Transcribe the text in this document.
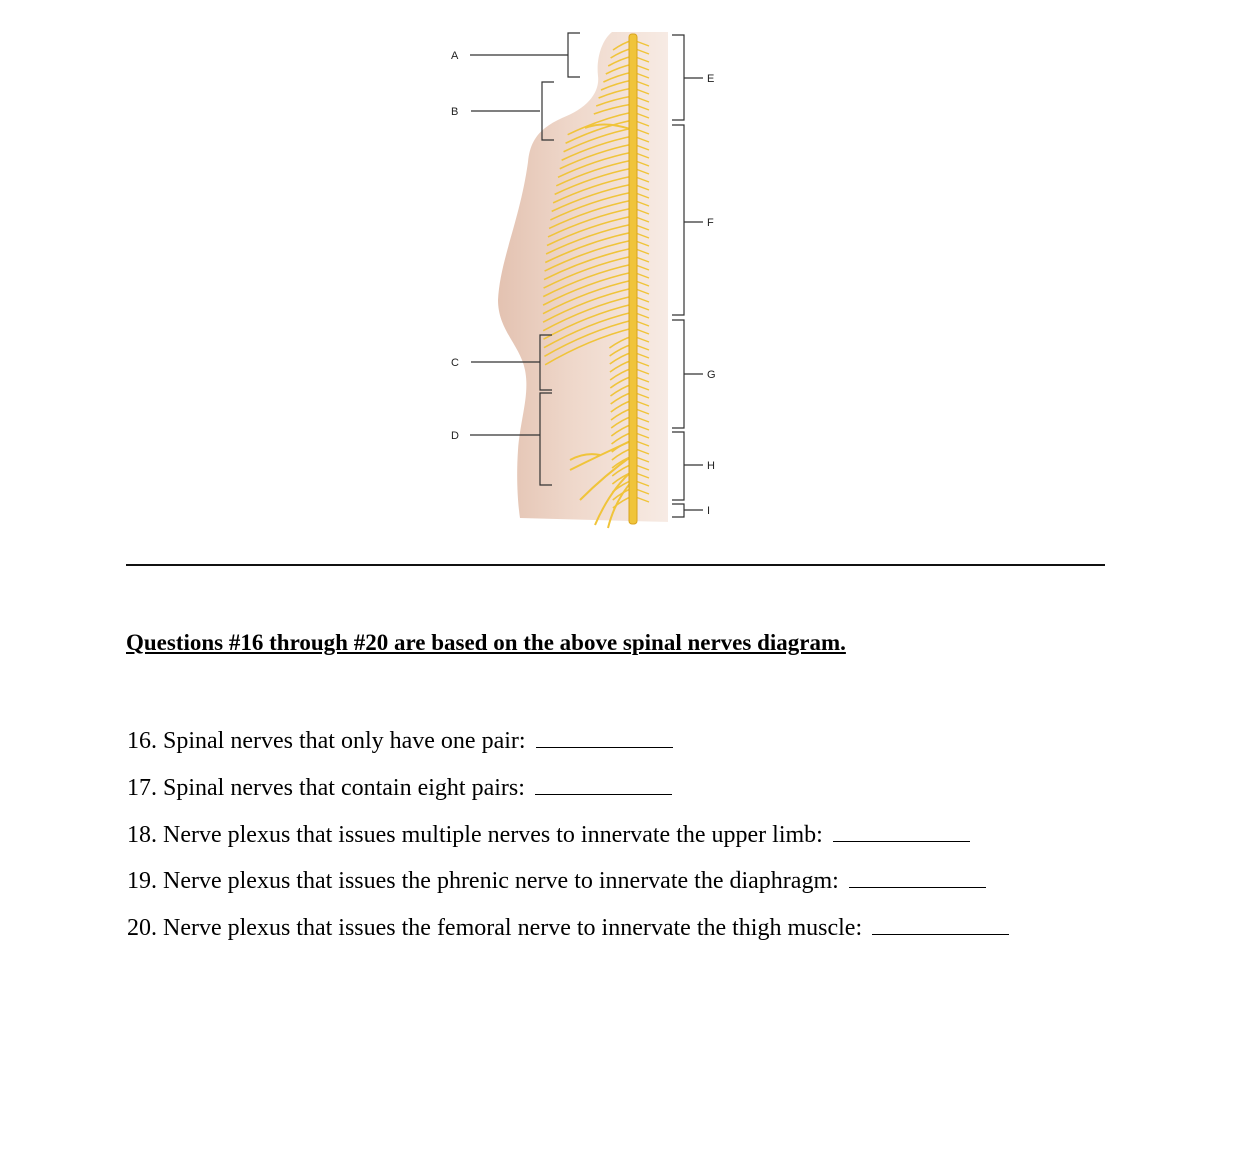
A
B
C
D
E
F
G
H
I
Questions #16 through #20 are based on the above spinal nerves diagram.
16. Spinal nerves that only have one pair:
17. Spinal nerves that contain eight pairs:
18. Nerve plexus that issues multiple nerves to innervate the upper limb:
19. Nerve plexus that issues the phrenic nerve to innervate the diaphragm:
20. Nerve plexus that issues the femoral nerve to innervate the thigh muscle:
